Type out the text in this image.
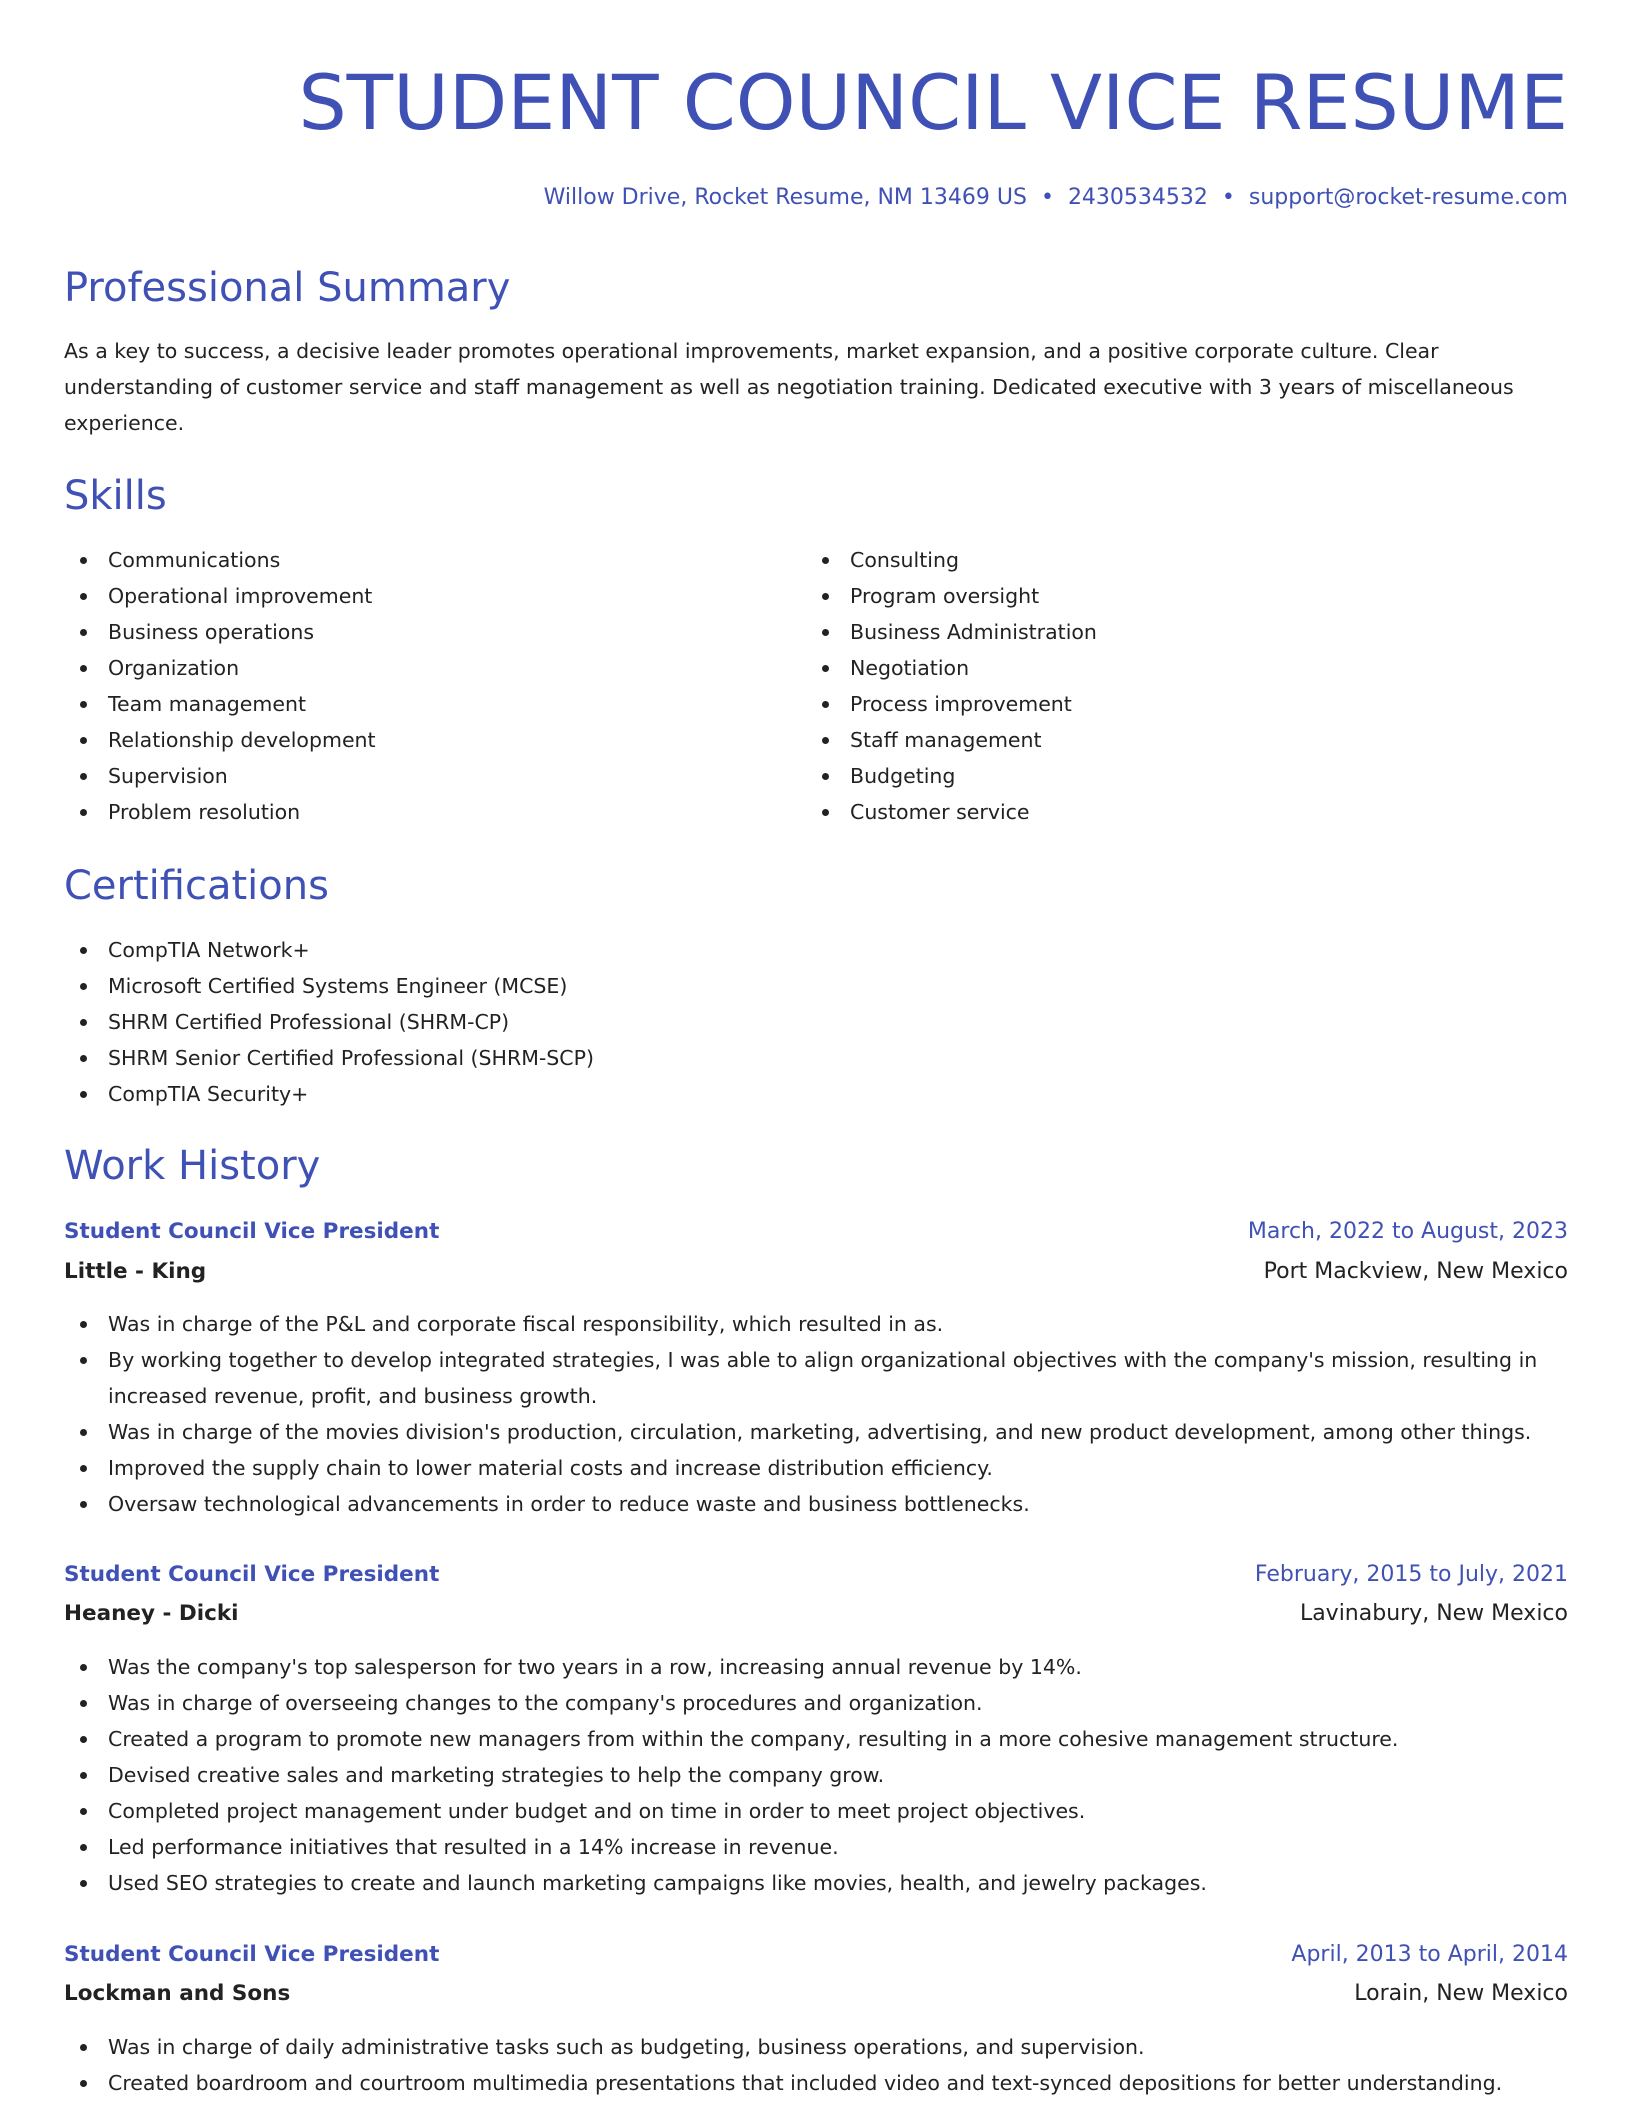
STUDENT COUNCIL VICE RESUME
Willow Drive, Rocket Resume, NM 13469 US • 2430534532 • support@rocket-resume.com
Professional Summary

As a key to success, a decisive leader promotes operational improvements, market expansion, and a positive corporate culture. Clear understanding of customer service and staff management as well as negotiation training. Dedicated executive with 3 years of miscellaneous experience.

Skills
Communications
Operational improvement
Business operations
Organization
Team management
Relationship development
Supervision
Problem resolution
Consulting
Program oversight
Business Administration
Negotiation
Process improvement
Staff management
Budgeting
Customer service
Certifications
CompTIA Network+
Microsoft Certified Systems Engineer (MCSE)
SHRM Certified Professional (SHRM-CP)
SHRM Senior Certified Professional (SHRM-SCP)
CompTIA Security+
Work History
Student Council Vice President	March, 2022 to August, 2023
Little - King	Port Mackview, New Mexico
Was in charge of the P&L and corporate fiscal responsibility, which resulted in as.
By working together to develop integrated strategies, I was able to align organizational objectives with the company's mission, resulting in increased revenue, profit, and business growth.
Was in charge of the movies division's production, circulation, marketing, advertising, and new product development, among other things.
Improved the supply chain to lower material costs and increase distribution efficiency.
Oversaw technological advancements in order to reduce waste and business bottlenecks.
Student Council Vice President	February, 2015 to July, 2021
Heaney - Dicki	Lavinabury, New Mexico
Was the company's top salesperson for two years in a row, increasing annual revenue by 14%.
Was in charge of overseeing changes to the company's procedures and organization.
Created a program to promote new managers from within the company, resulting in a more cohesive management structure.
Devised creative sales and marketing strategies to help the company grow.
Completed project management under budget and on time in order to meet project objectives.
Led performance initiatives that resulted in a 14% increase in revenue.
Used SEO strategies to create and launch marketing campaigns like movies, health, and jewelry packages.
Student Council Vice President	April, 2013 to April, 2014
Lockman and Sons	Lorain, New Mexico
Was in charge of daily administrative tasks such as budgeting, business operations, and supervision.
Created boardroom and courtroom multimedia presentations that included video and text-synced depositions for better understanding.
